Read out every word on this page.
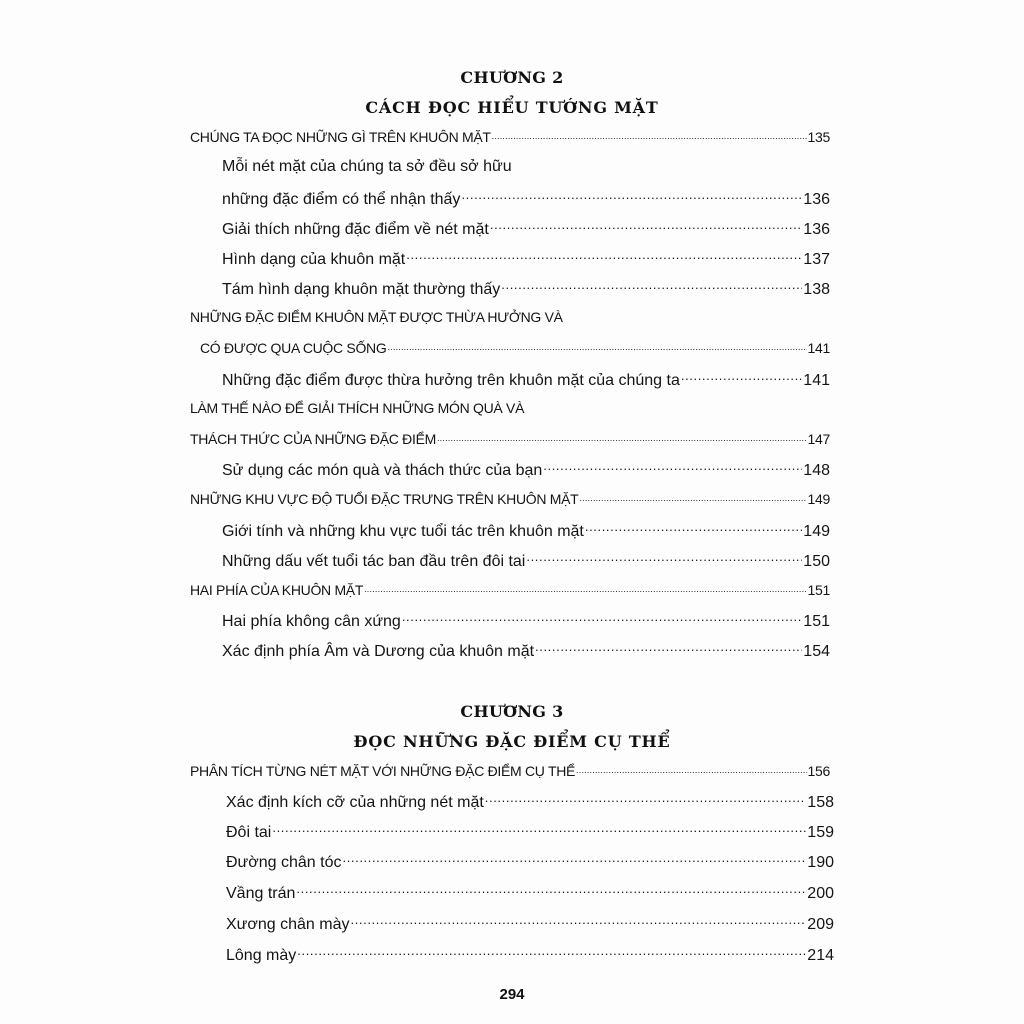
CHƯƠNG 2
CÁCH ĐỌC HIỂU TƯỚNG MẶT
CHÚNG TA ĐỌC NHỮNG GÌ TRÊN KHUÔN MẶT .....	135
Mỗi nét mặt của chúng ta sở đều sở hữu
những đặc điểm có thể nhận thấy .....	136
Giải thích những đặc điểm về nét mặt .....	136
Hình dạng của khuôn mặt .....	137
Tám hình dạng khuôn mặt thường thấy .....	138
NHỮNG ĐẶC ĐIỂM KHUÔN MẶT ĐƯỢC THỪA HƯỞNG VÀ
CÓ ĐƯỢC QUA CUỘC SỐNG .....	141
Những đặc điểm được thừa hưởng trên khuôn mặt của chúng ta .....	141
LÀM THẾ NÀO ĐỂ GIẢI THÍCH NHỮNG MÓN QUÀ VÀ
THÁCH THỨC CỦA NHỮNG ĐẶC ĐIỂM .....	147
Sử dụng các món quà và thách thức của bạn .....	148
NHỮNG KHU VỰC ĐỘ TUỔI ĐẶC TRƯNG TRÊN KHUÔN MẶT .....	149
Giới tính và những khu vực tuổi tác trên khuôn mặt .....	149
Những dấu vết tuổi tác ban đầu trên đôi tai .....	150
HAI PHÍA CỦA KHUÔN MẶT .....	151
Hai phía không cân xứng .....	151
Xác định phía Âm và Dương của khuôn mặt .....	154
CHƯƠNG 3
ĐỌC NHỮNG ĐẶC ĐIỂM CỤ THỂ
PHÂN TÍCH TỪNG NÉT MẶT VỚI NHỮNG ĐẶC ĐIỂM CỤ THỂ .....	156
Xác định kích cỡ của những nét mặt .....	158
Đôi tai .....	159
Đường chân tóc .....	190
Vầng trán .....	200
Xương chân mày .....	209
Lông mày .....	214
294
